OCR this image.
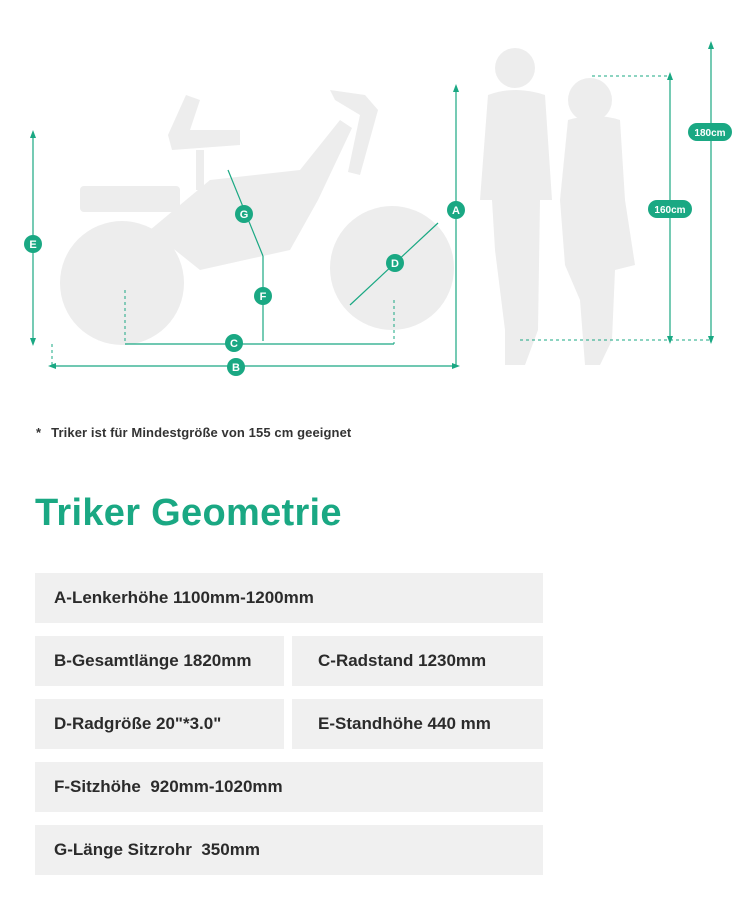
A
B
C
D
E
F
G
180cm
160cm
* Triker ist für Mindestgröße von 155 cm geeignet
Triker Geometrie
A-Lenkerhöhe 1100mm-1200mm
B-Gesamtlänge 1820mm	C-Radstand 1230mm
D-Radgröße 20"*3.0"	E-Standhöhe 440 mm
F-Sitzhöhe  920mm-1020mm
G-Länge Sitzrohr  350mm
